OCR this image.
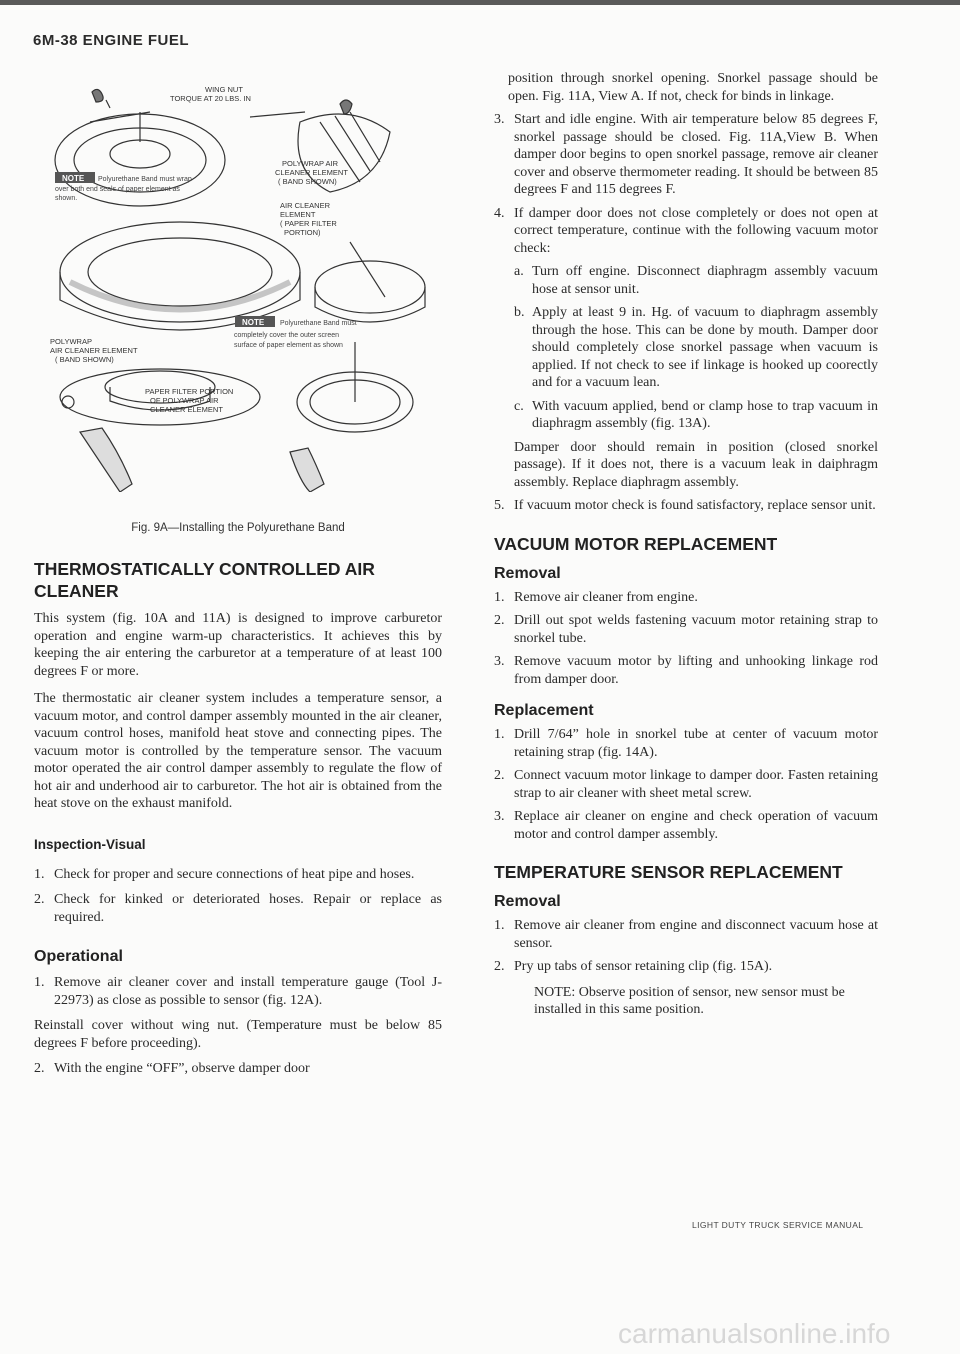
6M-38 ENGINE FUEL
WING NUT
TORQUE AT 20 LBS. IN
NOTE Polyurethane Band must wrap
over both end seals of paper element as
shown.
POLYWRAP AIR
CLEANER ELEMENT
( BAND SHOWN)
AIR CLEANER
ELEMENT
( PAPER FILTER
PORTION)
NOTE Polyurethane Band must
completely cover the outer screen
surface of paper element as shown
POLYWRAP
AIR CLEANER ELEMENT
( BAND SHOWN)
PAPER FILTER PORTION
OF POLYWRAP AIR
CLEANER ELEMENT
Fig. 9A—Installing the Polyurethane Band
THERMOSTATICALLY CONTROLLED AIR
CLEANER

This system (fig. 10A and 11A) is designed to improve carburetor operation and engine warm-up characteristics. It achieves this by keeping the air entering the carburetor at a temperature of at least 100 degrees F or more.

The thermostatic air cleaner system includes a temperature sensor, a vacuum motor, and control damper assembly mounted in the air cleaner, vacuum control hoses, manifold heat stove and connecting pipes. The vacuum motor is controlled by the temperature sensor. The vacuum motor operated the air control damper assembly to regulate the flow of hot air and underhood air to carburetor. The hot air is obtained from the heat stove on the exhaust manifold.

Inspection-Visual
1. Check for proper and secure connections of heat pipe and hoses.
2. Check for kinked or deteriorated hoses. Repair or replace as required.
Operational
1. Remove air cleaner cover and install temperature gauge (Tool J-22973) as close as possible to sensor (fig. 12A).

Reinstall cover without wing nut. (Temperature must be below 85 degrees F before proceeding).

2. With the engine “OFF”, observe damper door

position through snorkel opening. Snorkel passage should be open. Fig. 11A, View A. If not, check for binds in linkage.

3. Start and idle engine. With air temperature below 85 degrees F, snorkel passage should be closed. Fig. 11A,View B. When damper door begins to open snorkel passage, remove air cleaner cover and observe thermometer reading. It should be between 85 degrees F and 115 degrees F.
4. If damper door does not close completely or does not open at correct temperature, continue with the following vacuum motor check:
a. Turn off engine. Disconnect diaphragm assembly vacuum hose at sensor unit.
b. Apply at least 9 in. Hg. of vacuum to diaphragm assembly through the hose. This can be done by mouth. Damper door should completely close snorkel passage when vacuum is applied. If not check to see if linkage is hooked up coorectly and for a vacuum lean.
c. With vacuum applied, bend or clamp hose to trap vacuum in diaphragm assembly (fig. 13A).

Damper door should remain in position (closed snorkel passage). If it does not, there is a vacuum leak in daiphragm assembly. Replace diaphragm assembly.

5. If vacuum motor check is found satisfactory, replace sensor unit.
VACUUM MOTOR REPLACEMENT
Removal
1. Remove air cleaner from engine.
2. Drill out spot welds fastening vacuum motor retaining strap to snorkel tube.
3. Remove vacuum motor by lifting and unhooking linkage rod from damper door.
Replacement
1. Drill 7/64” hole in snorkel tube at center of vacuum motor retaining strap (fig. 14A).
2. Connect vacuum motor linkage to damper door. Fasten retaining strap to air cleaner with sheet metal screw.
3. Replace air cleaner on engine and check operation of vacuum motor and control damper assembly.
TEMPERATURE SENSOR REPLACEMENT
Removal
1. Remove air cleaner from engine and disconnect vacuum hose at sensor.
2. Pry up tabs of sensor retaining clip (fig. 15A).

NOTE: Observe position of sensor, new sensor must be installed in this same position.

LIGHT DUTY TRUCK SERVICE MANUAL
carmanualsonline.info
